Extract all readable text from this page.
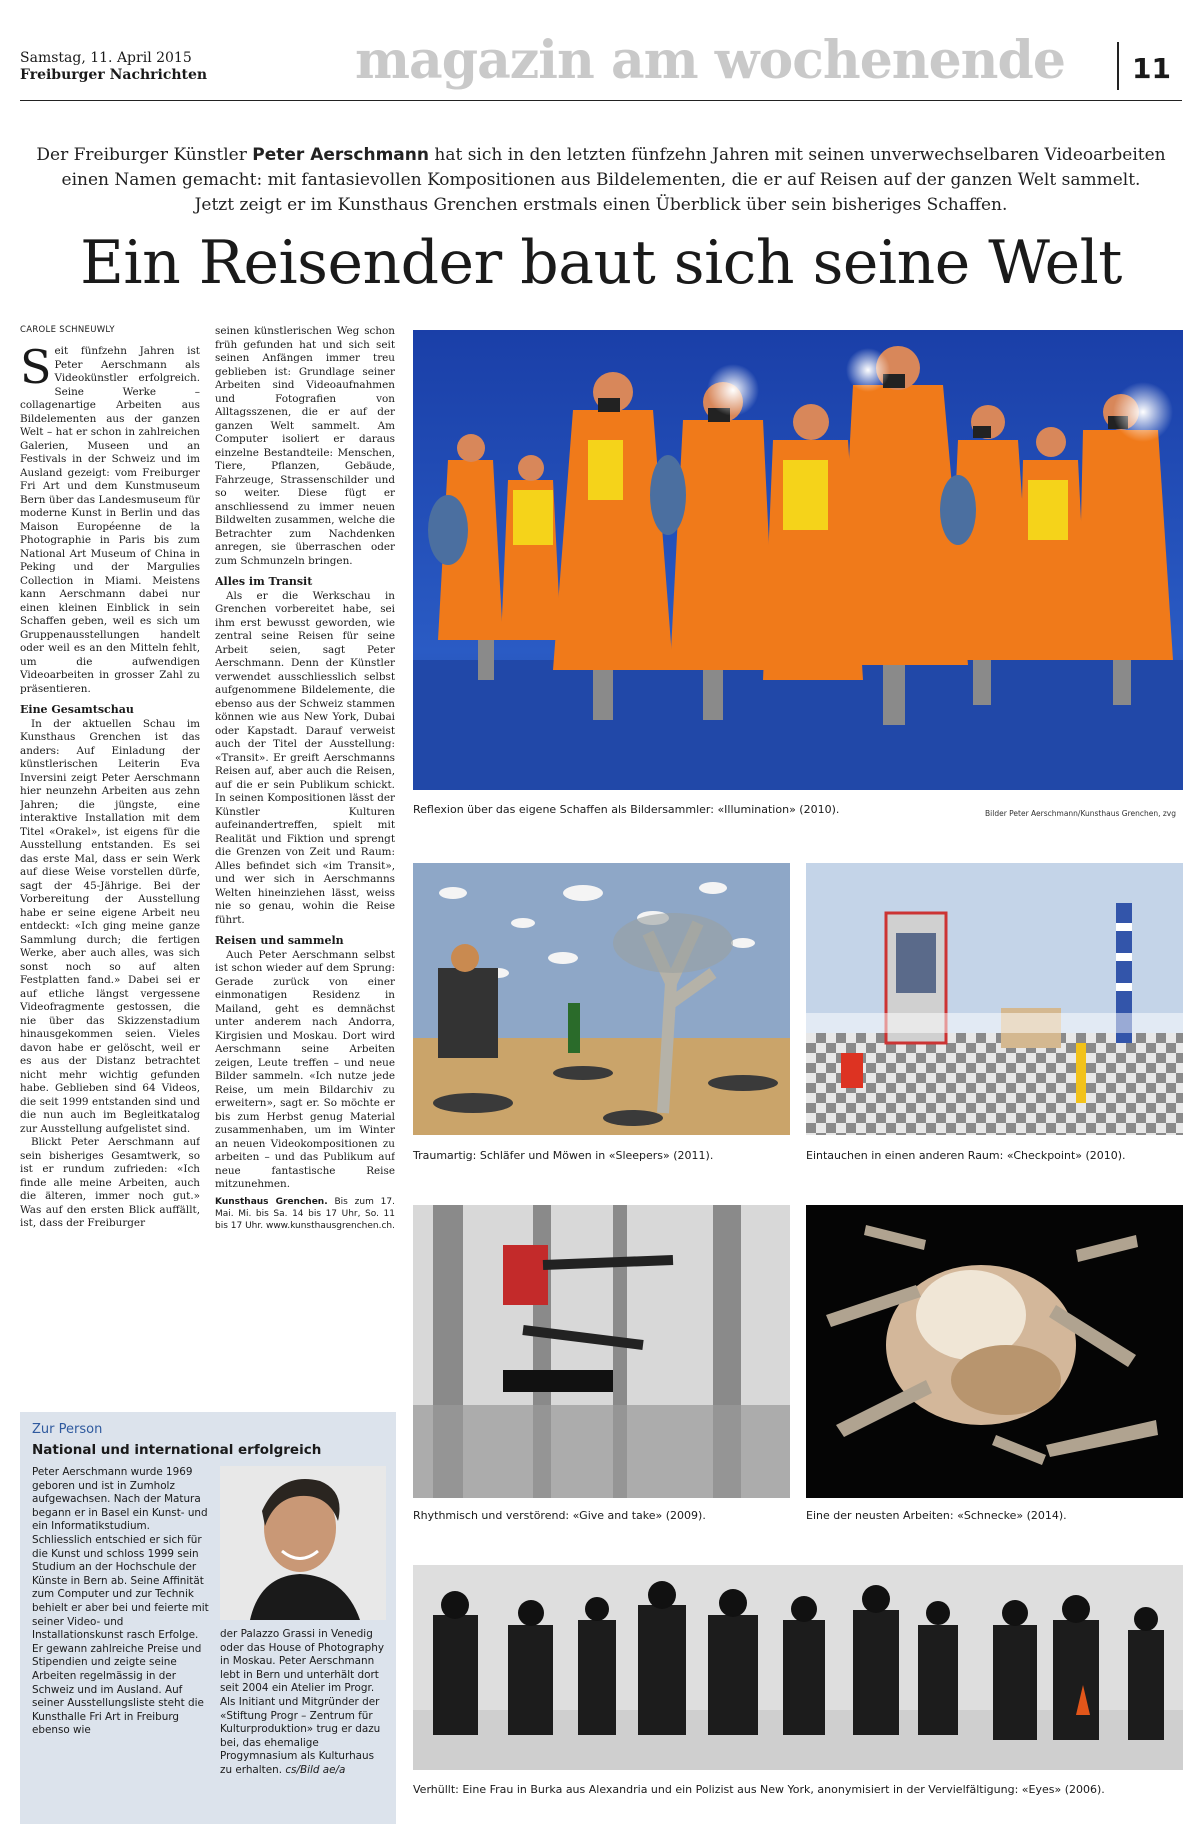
Samstag, 11. April 2015
Freiburger Nachrichten	magazin am wochenende 11
Der Freiburger Künstler Peter Aerschmann hat sich in den letzten fünfzehn Jahren mit seinen unverwechselbaren Videoarbeiten
einen Namen gemacht: mit fantasievollen Kompositionen aus Bildelementen, die er auf Reisen auf der ganzen Welt sammelt.
Jetzt zeigt er im Kunsthaus Grenchen erstmals einen Überblick über sein bisheriges Schaffen.
Ein Reisender baut sich seine Welt
CAROLE SCHNEUWLY

Seit fünfzehn Jahren ist Peter Aerschmann als Videokünstler erfolgreich. Seine Werke – collagenartige Arbeiten aus Bildelementen aus der ganzen Welt – hat er schon in zahlreichen Galerien, Museen und an Festivals in der Schweiz und im Ausland gezeigt: vom Freiburger Fri Art und dem Kunstmuseum Bern über das Landesmuseum für moderne Kunst in Berlin und das Maison Européenne de la Photographie in Paris bis zum National Art Museum of China in Peking und der Margulies Collection in Miami. Meistens kann Aerschmann dabei nur einen kleinen Einblick in sein Schaffen geben, weil es sich um Gruppenausstellungen handelt oder weil es an den Mitteln fehlt, um die aufwendigen Videoarbeiten in grosser Zahl zu präsentieren.

Eine Gesamtschau

In der aktuellen Schau im Kunsthaus Grenchen ist das anders: Auf Einladung der künstlerischen Leiterin Eva Inversini zeigt Peter Aerschmann hier neunzehn Arbeiten aus zehn Jahren; die jüngste, eine interaktive Installation mit dem Titel «Orakel», ist eigens für die Ausstellung entstanden. Es sei das erste Mal, dass er sein Werk auf diese Weise vorstellen dürfe, sagt der 45-Jährige. Bei der Vorbereitung der Ausstellung habe er seine eigene Arbeit neu entdeckt: «Ich ging meine ganze Sammlung durch; die fertigen Werke, aber auch alles, was sich sonst noch so auf alten Festplatten fand.» Dabei sei er auf etliche längst vergessene Videofragmente gestossen, die nie über das Skizzenstadium hinausgekommen seien. Vieles davon habe er gelöscht, weil er es aus der Distanz betrachtet nicht mehr wichtig gefunden habe. Geblieben sind 64 Videos, die seit 1999 entstanden sind und die nun auch im Begleitkatalog zur Ausstellung aufgelistet sind.

Blickt Peter Aerschmann auf sein bisheriges Gesamtwerk, so ist er rundum zufrieden: «Ich finde alle meine Arbeiten, auch die älteren, immer noch gut.» Was auf den ersten Blick auffällt, ist, dass der Freiburger

seinen künstlerischen Weg schon früh gefunden hat und sich seit seinen Anfängen immer treu geblieben ist: Grundlage seiner Arbeiten sind Videoaufnahmen und Fotografien von Alltagsszenen, die er auf der ganzen Welt sammelt. Am Computer isoliert er daraus einzelne Bestandteile: Menschen, Tiere, Pflanzen, Gebäude, Fahrzeuge, Strassenschilder und so weiter. Diese fügt er anschliessend zu immer neuen Bildwelten zusammen, welche die Betrachter zum Nachdenken anregen, sie überraschen oder zum Schmunzeln bringen.

Alles im Transit

Als er die Werkschau in Grenchen vorbereitet habe, sei ihm erst bewusst geworden, wie zentral seine Reisen für seine Arbeit seien, sagt Peter Aerschmann. Denn der Künstler verwendet ausschliesslich selbst aufgenommene Bildelemente, die ebenso aus der Schweiz stammen können wie aus New York, Dubai oder Kapstadt. Darauf verweist auch der Titel der Ausstellung: «Transit». Er greift Aerschmanns Reisen auf, aber auch die Reisen, auf die er sein Publikum schickt. In seinen Kompositionen lässt der Künstler Kulturen aufeinandertreffen, spielt mit Realität und Fiktion und sprengt die Grenzen von Zeit und Raum: Alles befindet sich «im Transit», und wer sich in Aerschmanns Welten hineinziehen lässt, weiss nie so genau, wohin die Reise führt.

Reisen und sammeln

Auch Peter Aerschmann selbst ist schon wieder auf dem Sprung: Gerade zurück von einer einmonatigen Residenz in Mailand, geht es demnächst unter anderem nach Andorra, Kirgisien und Moskau. Dort wird Aerschmann seine Arbeiten zeigen, Leute treffen – und neue Bilder sammeln. «Ich nutze jede Reise, um mein Bildarchiv zu erweitern», sagt er. So möchte er bis zum Herbst genug Material zusammenhaben, um im Winter an neuen Videokompositionen zu arbeiten – und das Publikum auf neue fantastische Reise mitzunehmen.

Kunsthaus Grenchen. Bis zum 17. Mai. Mi. bis Sa. 14 bis 17 Uhr, So. 11 bis 17 Uhr. www.kunsthausgrenchen.ch.

Reflexion über das eigene Schaffen als Bildersammler: «Illumination» (2010).	Bilder Peter Aerschmann/Kunsthaus Grenchen, zvg
Traumartig: Schläfer und Möwen in «Sleepers» (2011).	Eintauchen in einen anderen Raum: «Checkpoint» (2010).
Rhythmisch und verstörend: «Give and take» (2009).	Eine der neusten Arbeiten: «Schnecke» (2014).
Verhüllt: Eine Frau in Burka aus Alexandria und ein Polizist aus New York, anonymisiert in der Vervielfältigung: «Eyes» (2006).
Zur Person
National und international erfolgreich
Peter Aerschmann wurde 1969 geboren und ist in Zumholz aufgewachsen. Nach der Matura begann er in Basel ein Kunst- und ein Informatikstudium. Schliesslich entschied er sich für die Kunst und schloss 1999 sein Studium an der Hochschule der Künste in Bern ab. Seine Affinität zum Computer und zur Technik behielt er aber bei und feierte mit seiner Video- und Installationskunst rasch Erfolge. Er gewann zahlreiche Preise und Stipendien und zeigte seine Arbeiten regelmässig in der Schweiz und im Ausland. Auf seiner Ausstellungsliste steht die Kunsthalle Fri Art in Freiburg ebenso wie
der Palazzo Grassi in Venedig oder das House of Photography in Moskau. Peter Aerschmann lebt in Bern und unterhält dort seit 2004 ein Atelier im Progr. Als Initiant und Mitgründer der «Stiftung Progr – Zentrum für Kulturproduktion» trug er dazu bei, das ehemalige Progymnasium als Kulturhaus zu erhalten. cs/Bild ae/a
